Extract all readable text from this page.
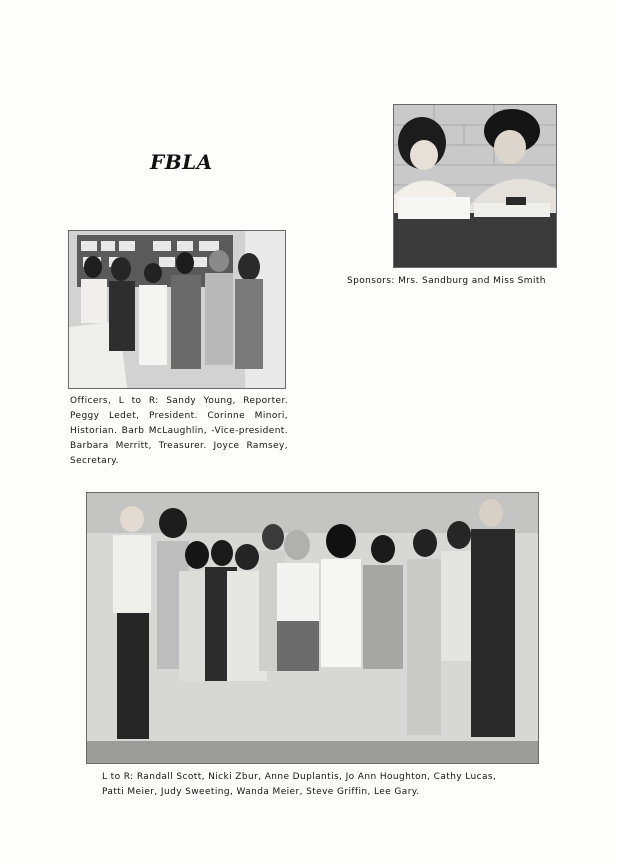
FBLA
Sponsors: Mrs. Sandburg and Miss Smith
Officers, L to R: Sandy Young, Reporter. Peggy Ledet, President. Corinne Minori, Historian. Barb McLaughlin, -Vice-president. Barbara Merritt, Treasurer. Joyce Ramsey, Secretary.
L to R: Randall Scott, Nicki Zbur, Anne Duplantis, Jo Ann Houghton, Cathy Lucas,
Patti Meier, Judy Sweeting, Wanda Meier, Steve Griffin, Lee Gary.
